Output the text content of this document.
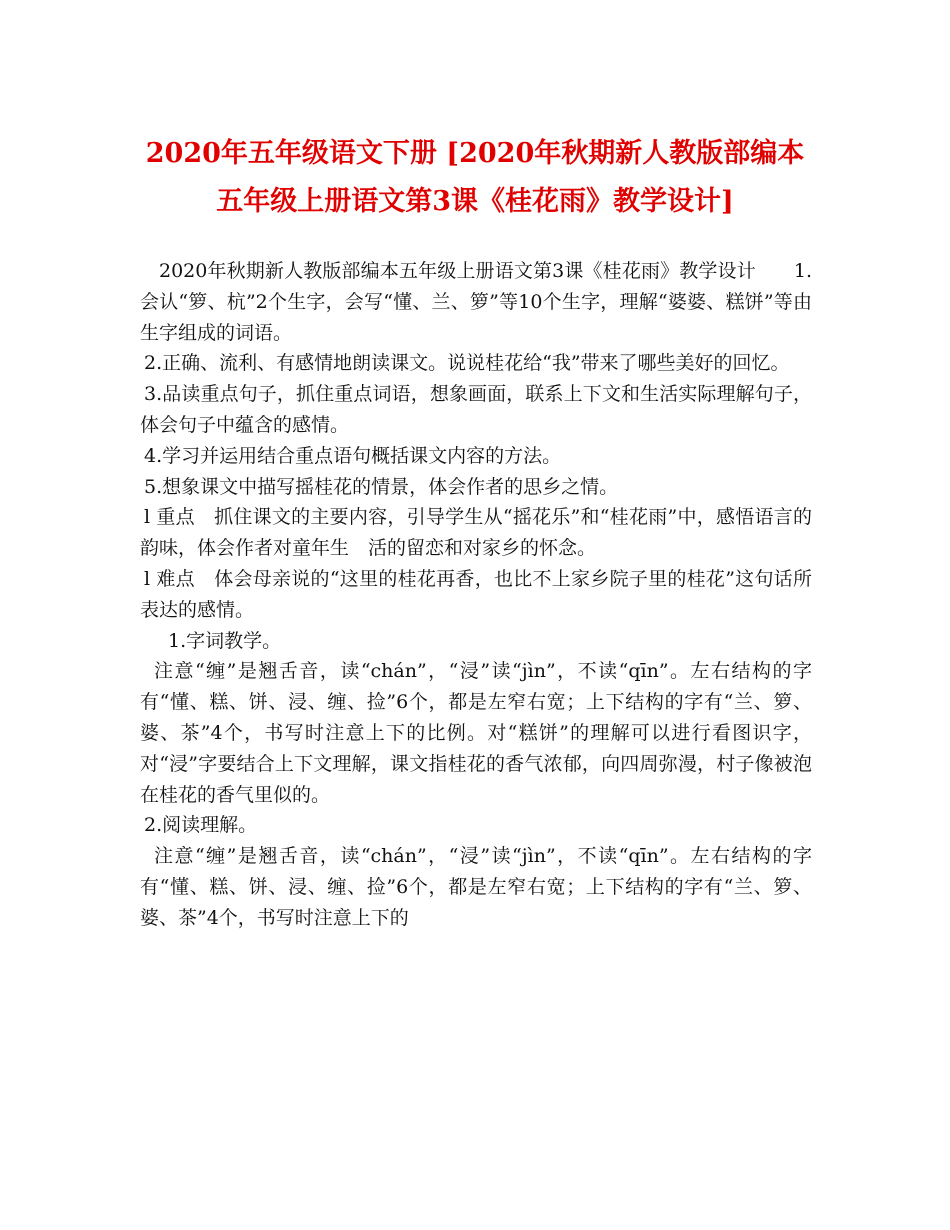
2020年五年级语文下册 [2020年秋期新人教版部编本
五年级上册语文第3课《桂花雨》教学设计]

2020年秋期新人教版部编本五年级上册语文第3课《桂花雨》教学设计 1.会认“箩、杭”2个生字，会写“懂、兰、箩”等10个生字，理解“婆婆、糕饼”等由生字组成的词语。

2.正确、流利、有感情地朗读课文。说说桂花给“我”带来了哪些美好的回忆。

3.品读重点句子，抓住重点词语，想象画面，联系上下文和生活实际理解句子，体会句子中蕴含的感情。

4.学习并运用结合重点语句概括课文内容的方法。

5.想象课文中描写摇桂花的情景，体会作者的思乡之情。

l 重点　抓住课文的主要内容，引导学生从“摇花乐”和“桂花雨”中，感悟语言的韵味，体会作者对童年生　活的留恋和对家乡的怀念。

l 难点　体会母亲说的“这里的桂花再香，也比不上家乡院子里的桂花”这句话所表达的感情。

1.字词教学。

注意“缠”是翘舌音，读“chán”，“浸”读“jìn”，不读“qīn”。左右结构的字有“懂、糕、饼、浸、缠、捡”6个，都是左窄右宽；上下结构的字有“兰、箩、婆、茶”4个，书写时注意上下的比例。对“糕饼”的理解可以进行看图识字，对“浸”字要结合上下文理解，课文指桂花的香气浓郁，向四周弥漫，村子像被泡在桂花的香气里似的。

2.阅读理解。

注意“缠”是翘舌音，读“chán”，“浸”读“jìn”，不读“qīn”。左右结构的字有“懂、糕、饼、浸、缠、捡”6个，都是左窄右宽；上下结构的字有“兰、箩、婆、茶”4个，书写时注意上下的
